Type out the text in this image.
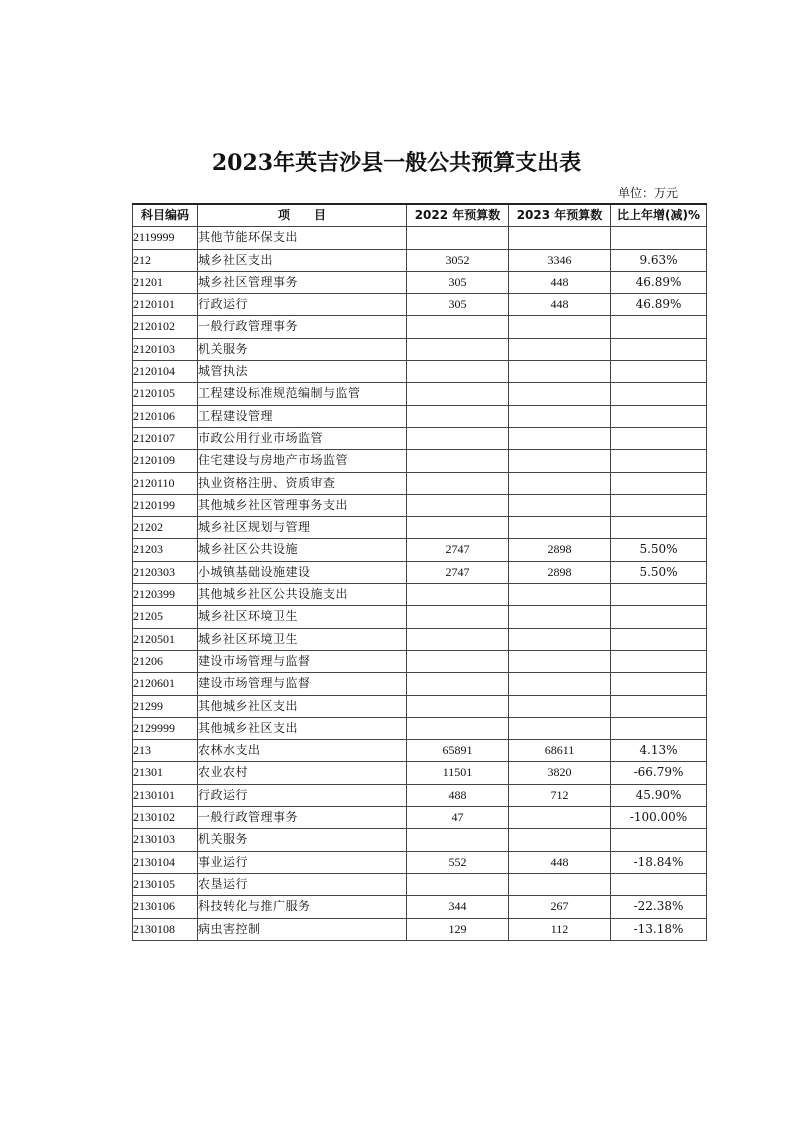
2023年英吉沙县一般公共预算支出表
单位：万元
科目编码	项　　目	2022 年预算数	2023 年预算数	比上年增(减)%
2119999	其他节能环保支出			
212	城乡社区支出	3052	3346	9.63%
21201	城乡社区管理事务	305	448	46.89%
2120101	行政运行	305	448	46.89%
2120102	一般行政管理事务			
2120103	机关服务			
2120104	城管执法			
2120105	工程建设标准规范编制与监管			
2120106	工程建设管理			
2120107	市政公用行业市场监管			
2120109	住宅建设与房地产市场监管			
2120110	执业资格注册、资质审查			
2120199	其他城乡社区管理事务支出			
21202	城乡社区规划与管理			
21203	城乡社区公共设施	2747	2898	5.50%
2120303	小城镇基础设施建设	2747	2898	5.50%
2120399	其他城乡社区公共设施支出			
21205	城乡社区环境卫生			
2120501	城乡社区环境卫生			
21206	建设市场管理与监督			
2120601	建设市场管理与监督			
21299	其他城乡社区支出			
2129999	其他城乡社区支出			
213	农林水支出	65891	68611	4.13%
21301	农业农村	11501	3820	-66.79%
2130101	行政运行	488	712	45.90%
2130102	一般行政管理事务	47		-100.00%
2130103	机关服务			
2130104	事业运行	552	448	-18.84%
2130105	农垦运行			
2130106	科技转化与推广服务	344	267	-22.38%
2130108	病虫害控制	129	112	-13.18%
